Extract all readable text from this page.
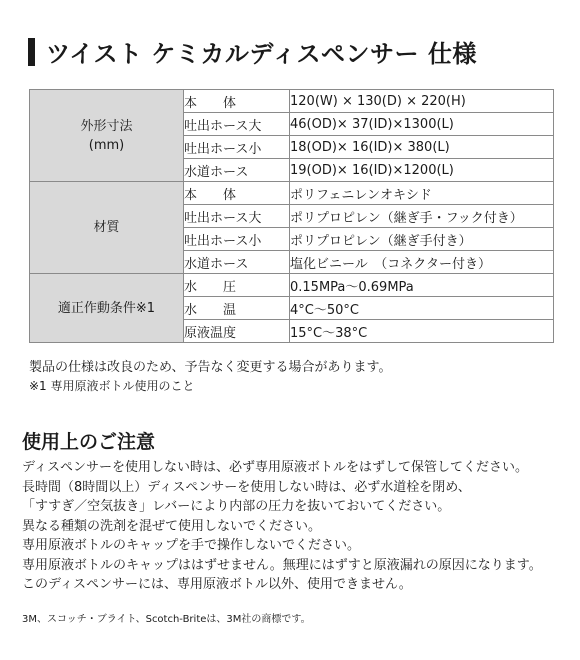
ツイスト ケミカルディスペンサー 仕様
外形寸法
(mm)	本　　体	120(W) × 130(D) × 220(H)
	吐出ホース大	46(OD)× 37(ID)×1300(L)
	吐出ホース小	18(OD)× 16(ID)× 380(L)
	水道ホース	19(OD)× 16(ID)×1200(L)
材質	本　　体	ポリフェニレンオキシド
	吐出ホース大	ポリプロピレン（継ぎ手・フック付き）
	吐出ホース小	ポリプロピレン（継ぎ手付き）
	水道ホース	塩化ビニール　（コネクター付き）
適正作動条件※1	水　　圧	0.15MPa〜0.69MPa
	水　　温	4°C〜50°C
	原液温度	15°C〜38°C
製品の仕様は改良のため、予告なく変更する場合があります。
※1 専用原液ボトル使用のこと
使用上のご注意
ディスペンサーを使用しない時は、必ず専用原液ボトルをはずして保管してください。
長時間（8時間以上）ディスペンサーを使用しない時は、必ず水道栓を閉め、
「すすぎ／空気抜き」レバーにより内部の圧力を抜いておいてください。
異なる種類の洗剤を混ぜて使用しないでください。
専用原液ボトルのキャップを手で操作しないでください。
専用原液ボトルのキャップははずせません。無理にはずすと原液漏れの原因になります。
このディスペンサーには、専用原液ボトル以外、使用できません。
3M、スコッチ・ブライト、Scotch-Briteは、3M社の商標です。
